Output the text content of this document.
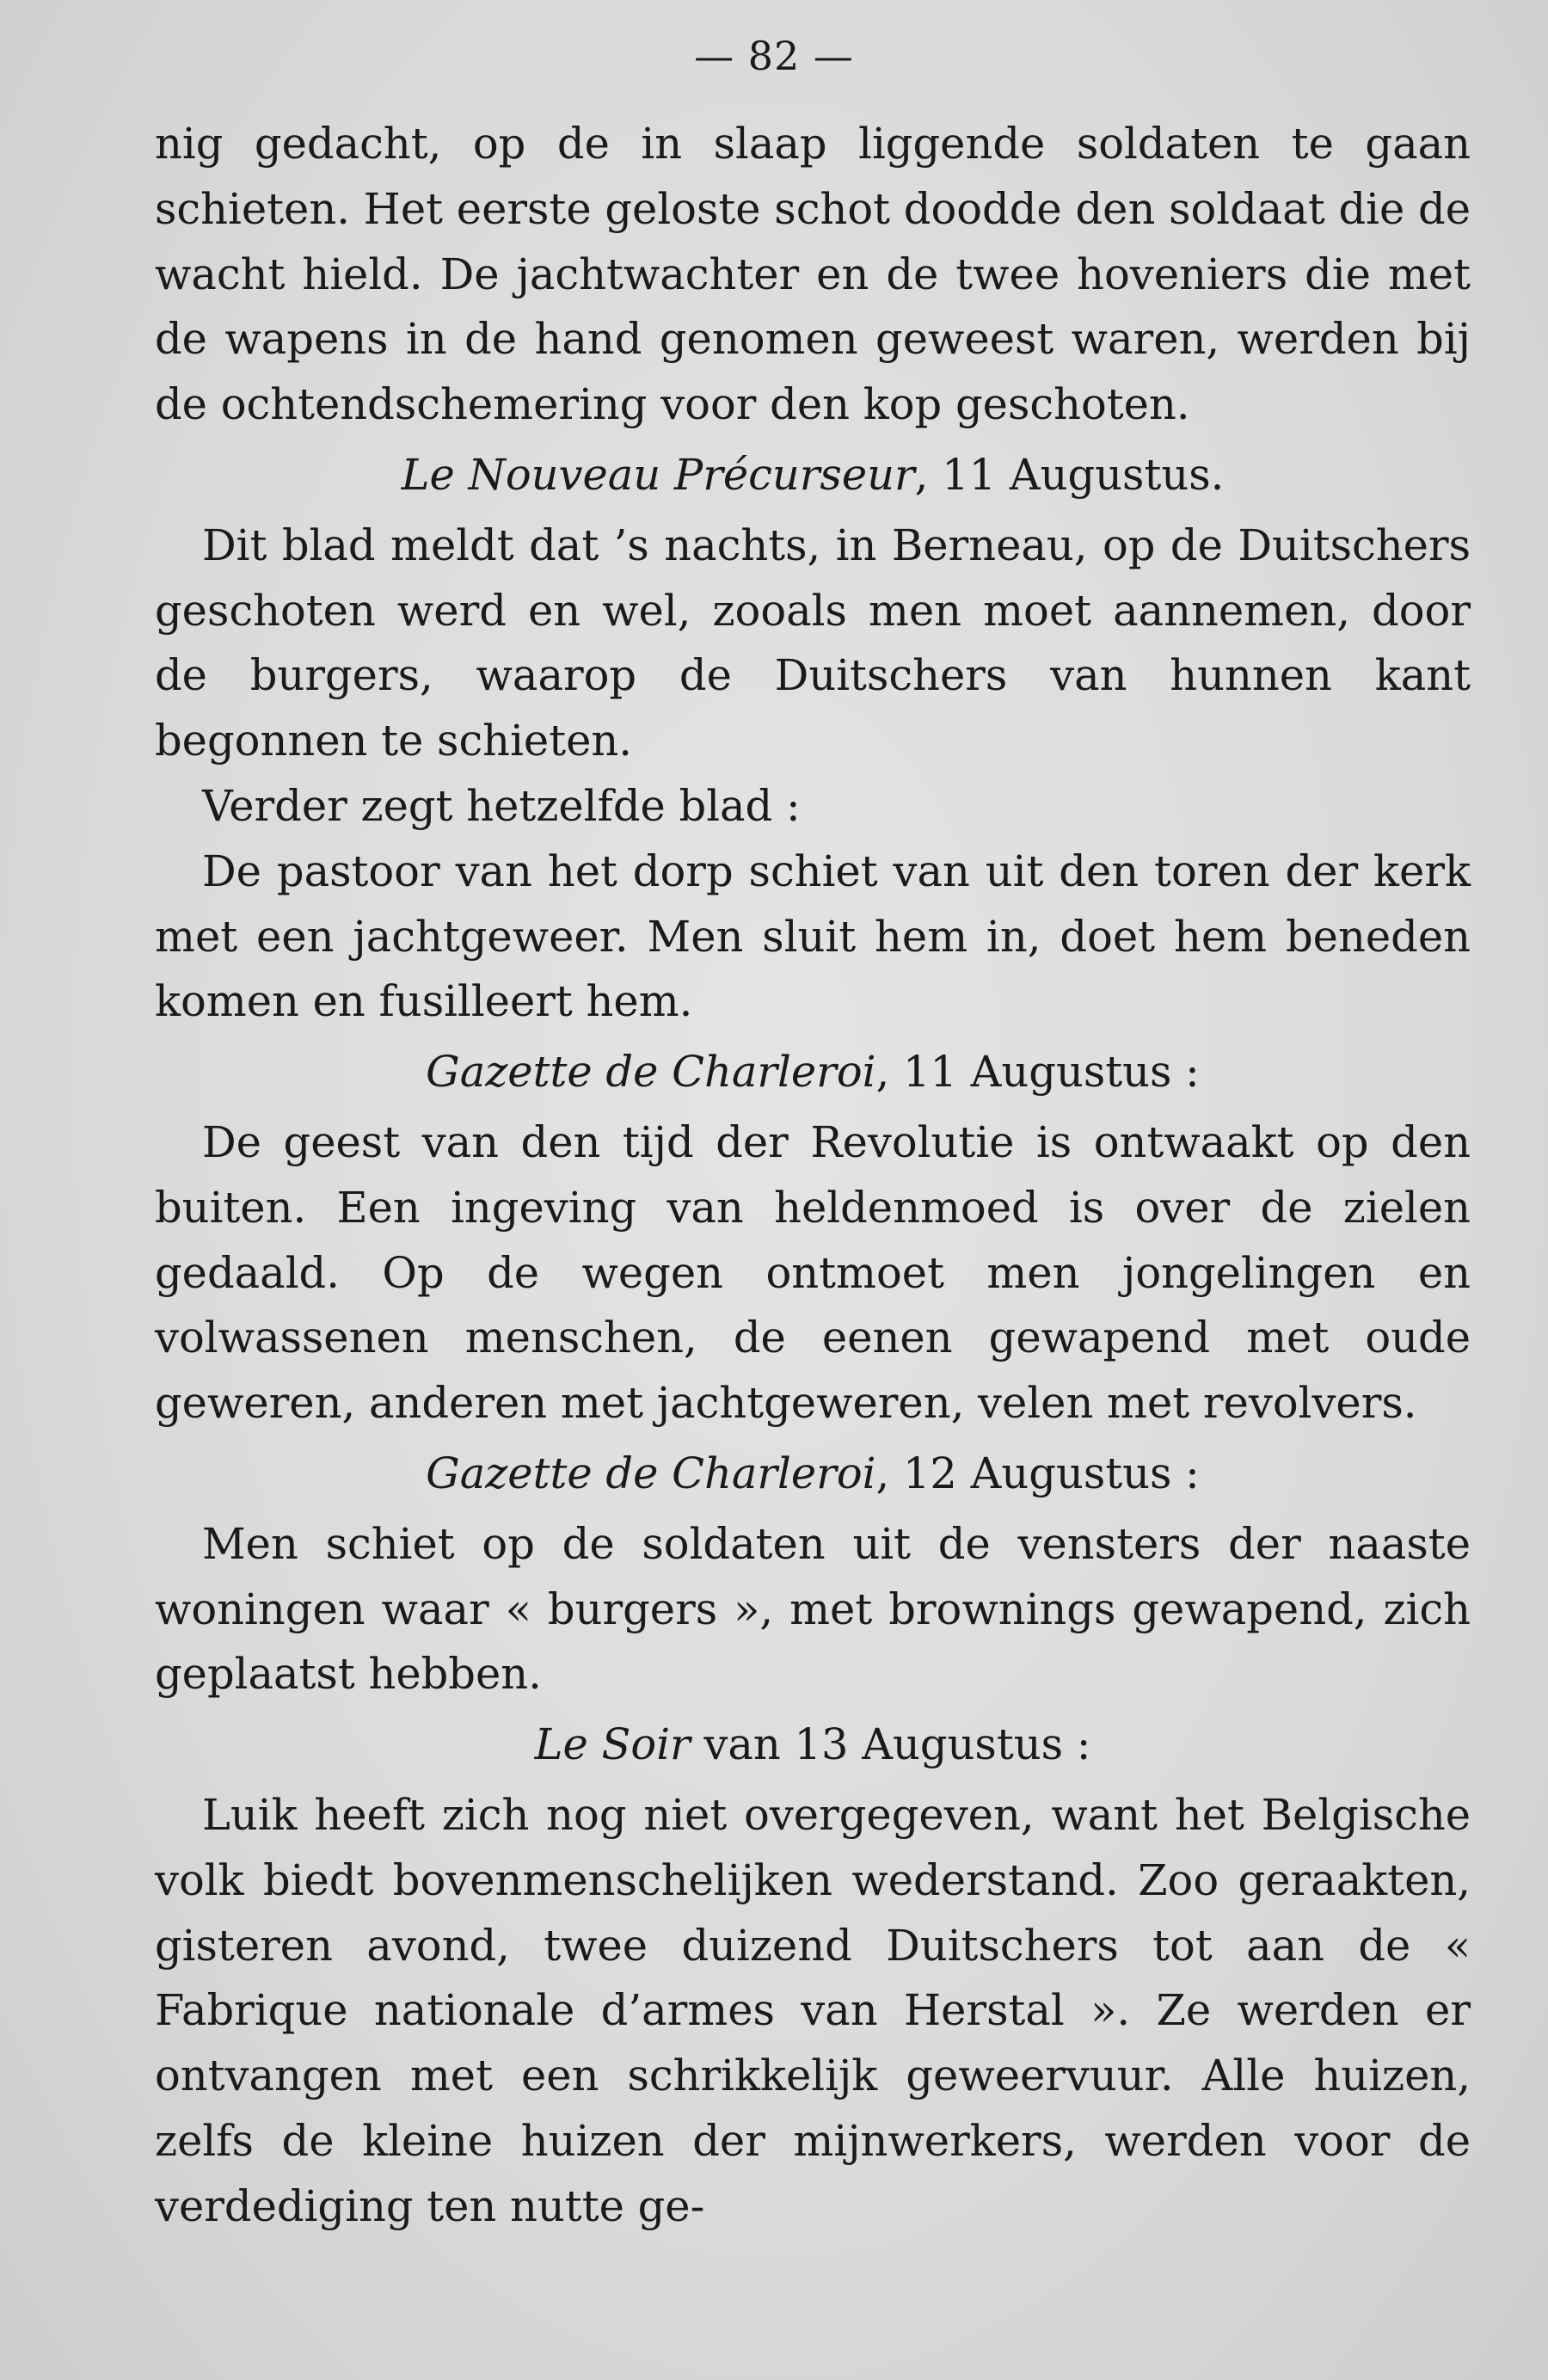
— 82 —

nig gedacht, op de in slaap liggende soldaten te gaan schieten. Het eerste geloste schot doodde den soldaat die de wacht hield. De jachtwachter en de twee hoveniers die met de wapens in de hand genomen geweest waren, werden bij de ochtendschemering voor den kop geschoten.

Le Nouveau Précurseur, 11 Augustus.

Dit blad meldt dat ’s nachts, in Berneau, op de Duitschers geschoten werd en wel, zooals men moet aannemen, door de burgers, waarop de Duitschers van hunnen kant begonnen te schieten.

Verder zegt hetzelfde blad :

De pastoor van het dorp schiet van uit den toren der kerk met een jachtgeweer. Men sluit hem in, doet hem beneden komen en fusilleert hem.

Gazette de Charleroi, 11 Augustus :

De geest van den tijd der Revolutie is ontwaakt op den buiten. Een ingeving van heldenmoed is over de zielen gedaald. Op de wegen ontmoet men jongelingen en volwassenen menschen, de eenen gewapend met oude geweren, anderen met jachtgeweren, velen met revolvers.

Gazette de Charleroi, 12 Augustus :

Men schiet op de soldaten uit de vensters der naaste woningen waar « burgers », met brownings gewapend, zich geplaatst hebben.

Le Soir van 13 Augustus :

Luik heeft zich nog niet overgegeven, want het Belgische volk biedt bovenmenschelijken wederstand. Zoo geraakten, gisteren avond, twee duizend Duitschers tot aan de « Fabrique nationale d’armes van Herstal ». Ze werden er ontvangen met een schrikkelijk geweervuur. Alle huizen, zelfs de kleine huizen der mijnwerkers, werden voor de verdediging ten nutte ge-
